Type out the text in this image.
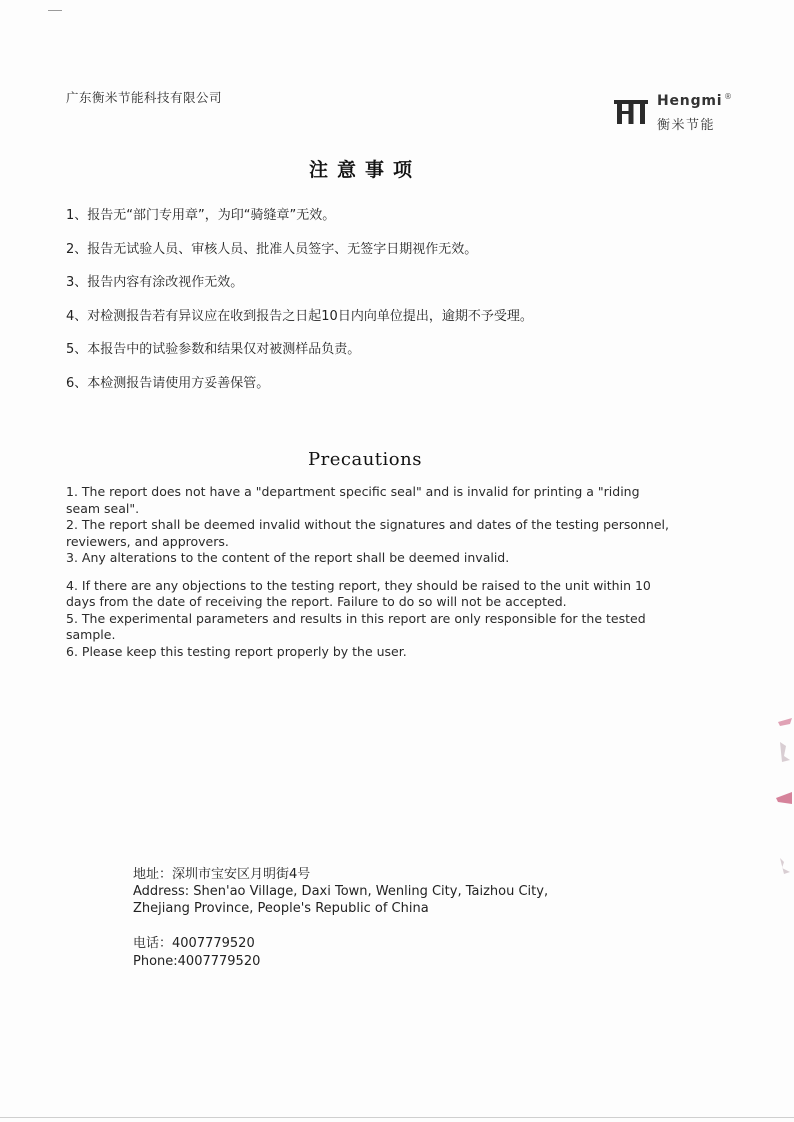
广东衡米节能科技有限公司	Hengmi ®
衡米节能
注意事项
1、报告无“部门专用章”，为印“骑缝章”无效。
2、报告无试验人员、审核人员、批准人员签字、无签字日期视作无效。
3、报告内容有涂改视作无效。
4、对检测报告若有异议应在收到报告之日起10日内向单位提出，逾期不予受理。
5、本报告中的试验参数和结果仅对被测样品负责。
6、本检测报告请使用方妥善保管。
Precautions
1. The report does not have a "department specific seal" and is invalid for printing a "riding seam seal".
2. The report shall be deemed invalid without the signatures and dates of the testing personnel, reviewers, and approvers.
3. Any alterations to the content of the report shall be deemed invalid.
4. If there are any objections to the testing report, they should be raised to the unit within 10 days from the date of receiving the report. Failure to do so will not be accepted.
5. The experimental parameters and results in this report are only responsible for the tested sample.
6. Please keep this testing report properly by the user.
地址：深圳市宝安区月明街4号
Address: Shen'ao Village, Daxi Town, Wenling City, Taizhou City, Zhejiang Province, People's Republic of China
电话：4007779520
Phone:4007779520
